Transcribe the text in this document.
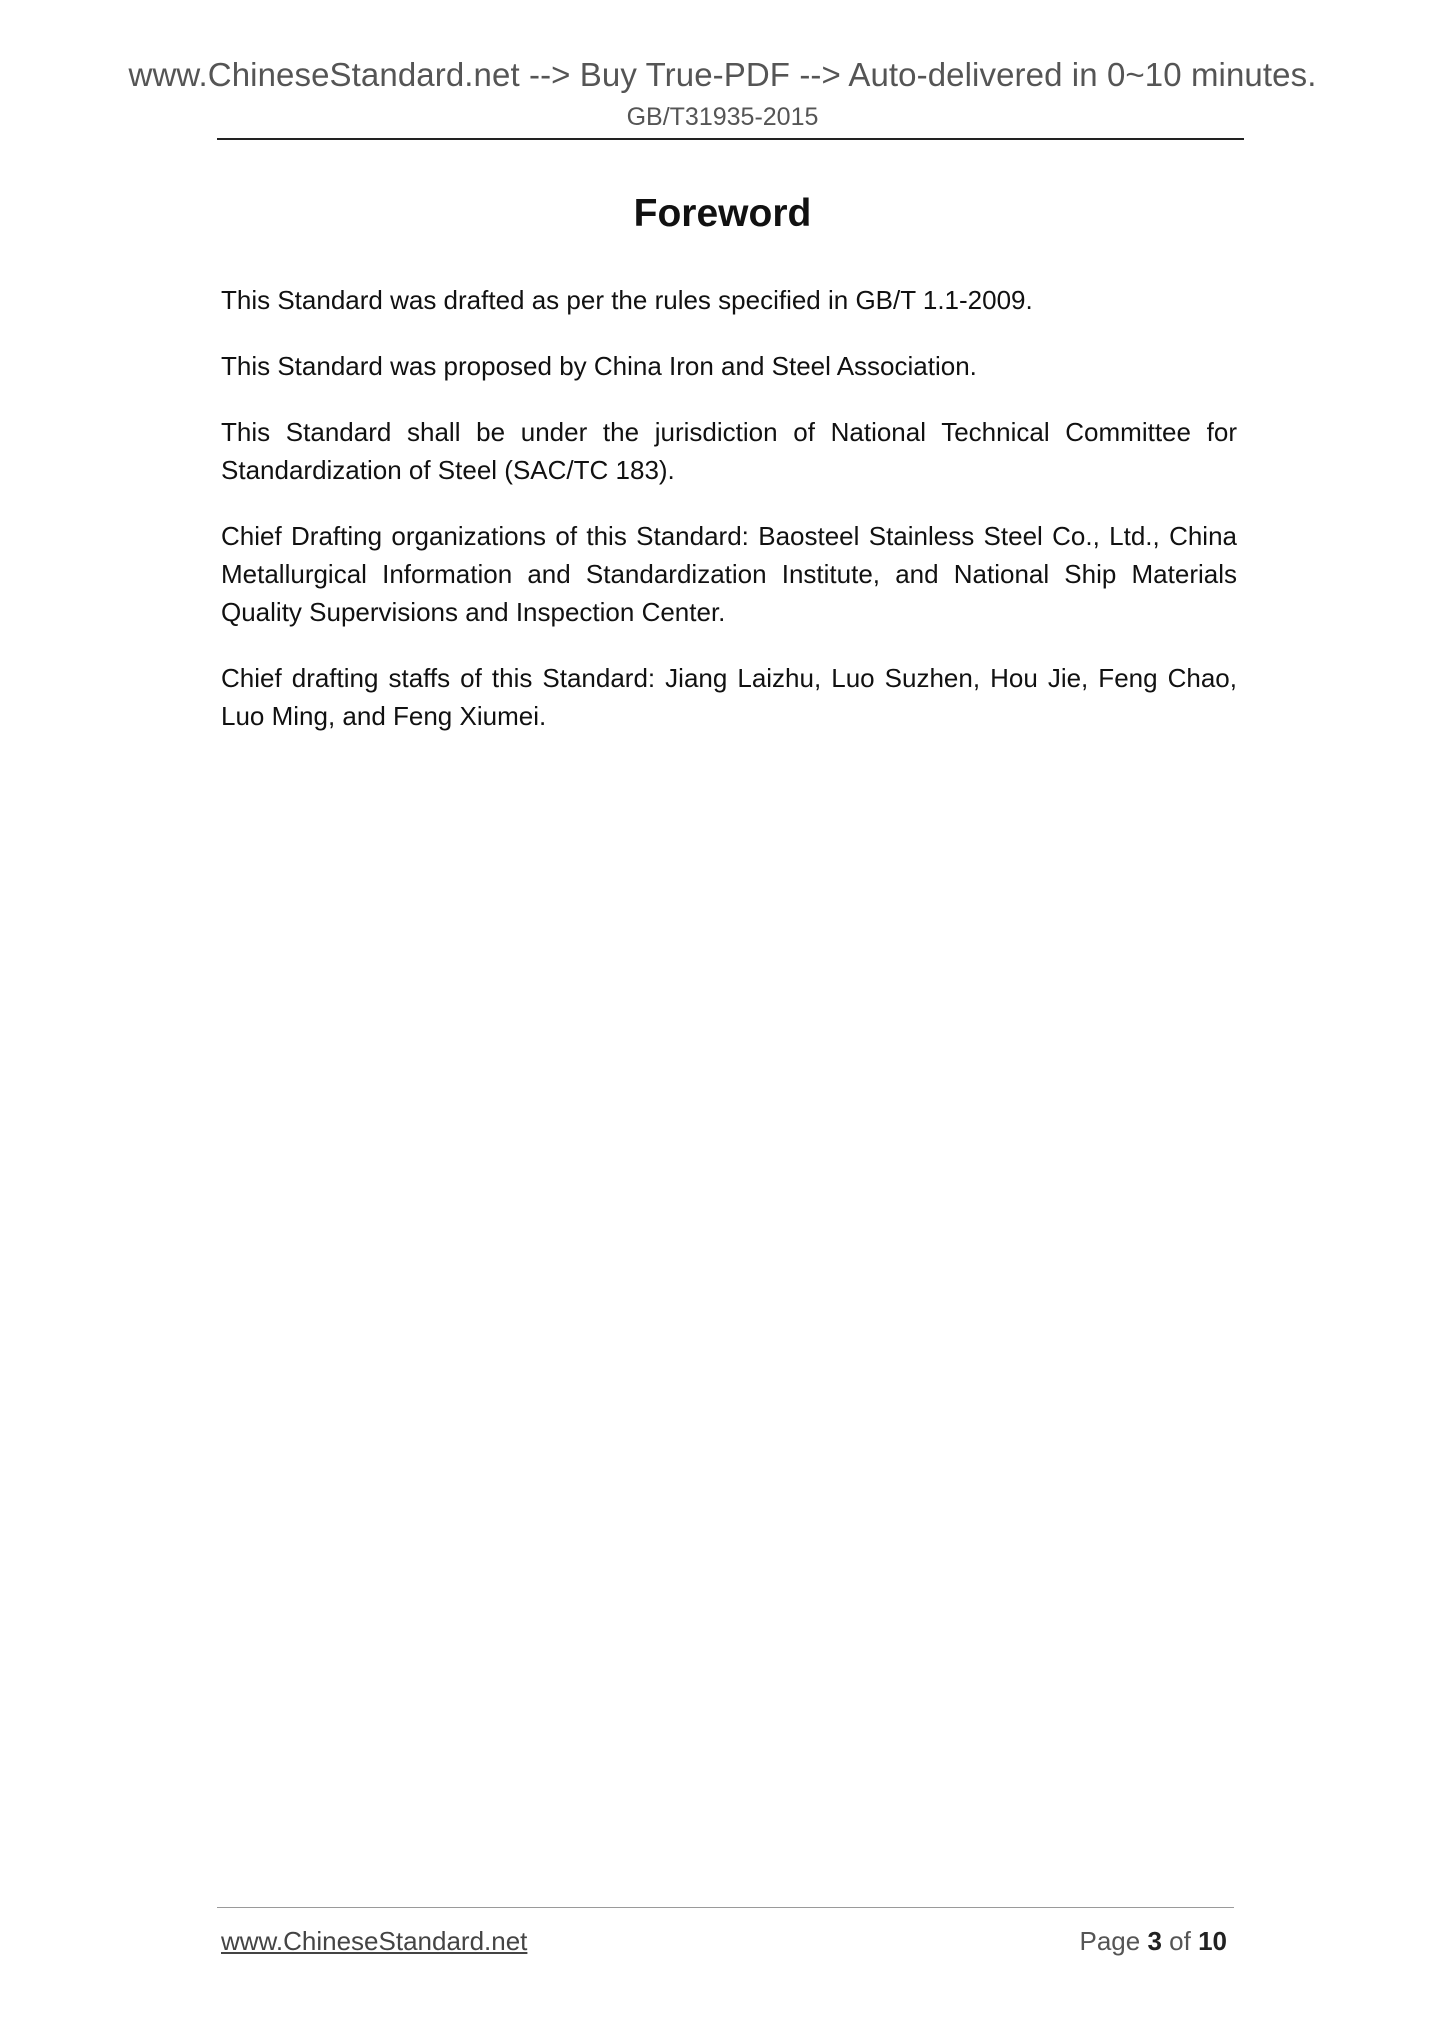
www.ChineseStandard.net --> Buy True-PDF --> Auto-delivered in 0~10 minutes.
GB/T31935-2015
Foreword

This Standard was drafted as per the rules specified in GB/T 1.1-2009.

This Standard was proposed by China Iron and Steel Association.

This Standard shall be under the jurisdiction of National Technical Committee for Standardization of Steel (SAC/TC 183).

Chief Drafting organizations of this Standard: Baosteel Stainless Steel Co., Ltd., China Metallurgical Information and Standardization Institute, and National Ship Materials Quality Supervisions and Inspection Center.

Chief drafting staffs of this Standard: Jiang Laizhu, Luo Suzhen, Hou Jie, Feng Chao, Luo Ming, and Feng Xiumei.

www.ChineseStandard.net	Page 3 of 10
